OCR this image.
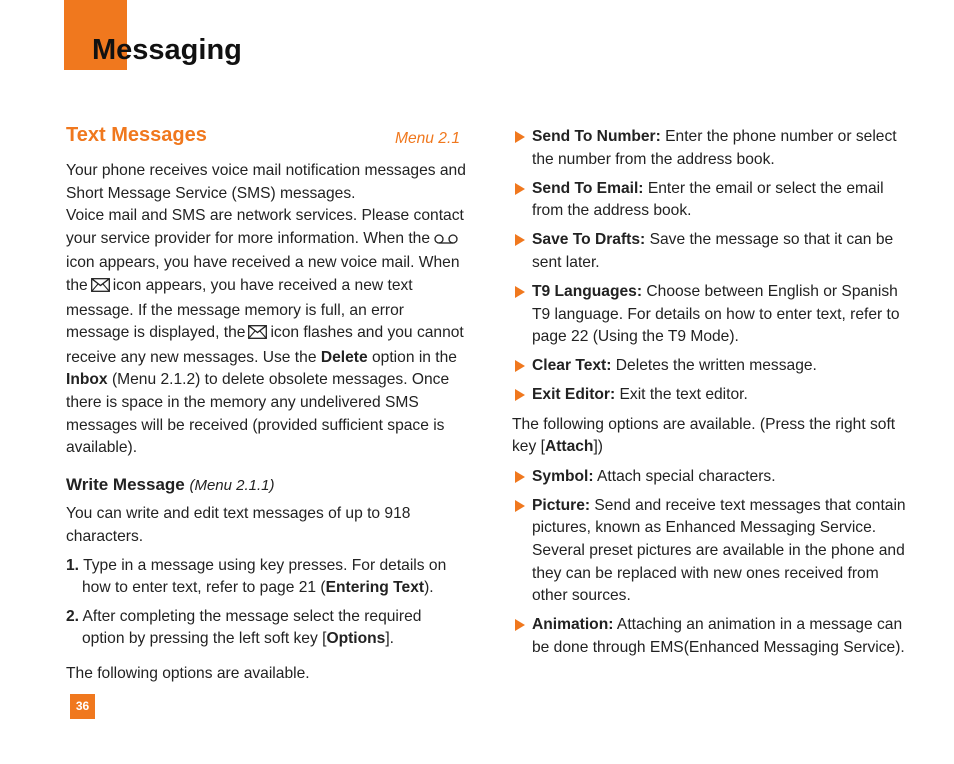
Messaging
Text Messages	Menu 2.1

Your phone receives voice mail notification messages and Short Message Service (SMS) messages.

Voice mail and SMS are network services. Please contact your service provider for more information. When theicon appears, you have received a new voice mail. When the icon appears, you have received a new text message. If the message memory is full, an error message is displayed, the icon flashes and you cannot receive any new messages. Use the Delete option in the Inbox (Menu 2.1.2) to delete obsolete messages. Once there is space in the memory any undelivered SMS messages will be received (provided sufficient space is available).

Write Message (Menu 2.1.1)

You can write and edit text messages of up to 918 characters.

1. Type in a message using key presses. For details on how to enter text, refer to page 21 (Entering Text).

2. After completing the message select the required option by pressing the left soft key [Options].

The following options are available.

Send To Number: Enter the phone number or select the number from the address book.
Send To Email: Enter the email or select the email from the address book.
Save To Drafts: Save the message so that it can be sent later.
T9 Languages: Choose between English or Spanish T9 language. For details on how to enter text, refer to page 22 (Using the T9 Mode).
Clear Text: Deletes the written message.
Exit Editor: Exit the text editor.

The following options are available. (Press the right soft key [Attach])

Symbol: Attach special characters.
Picture: Send and receive text messages that contain pictures, known as Enhanced Messaging Service. Several preset pictures are available in the phone and they can be replaced with new ones received from other sources.
Animation: Attaching an animation in a message can be done through EMS(Enhanced Messaging Service).
36
